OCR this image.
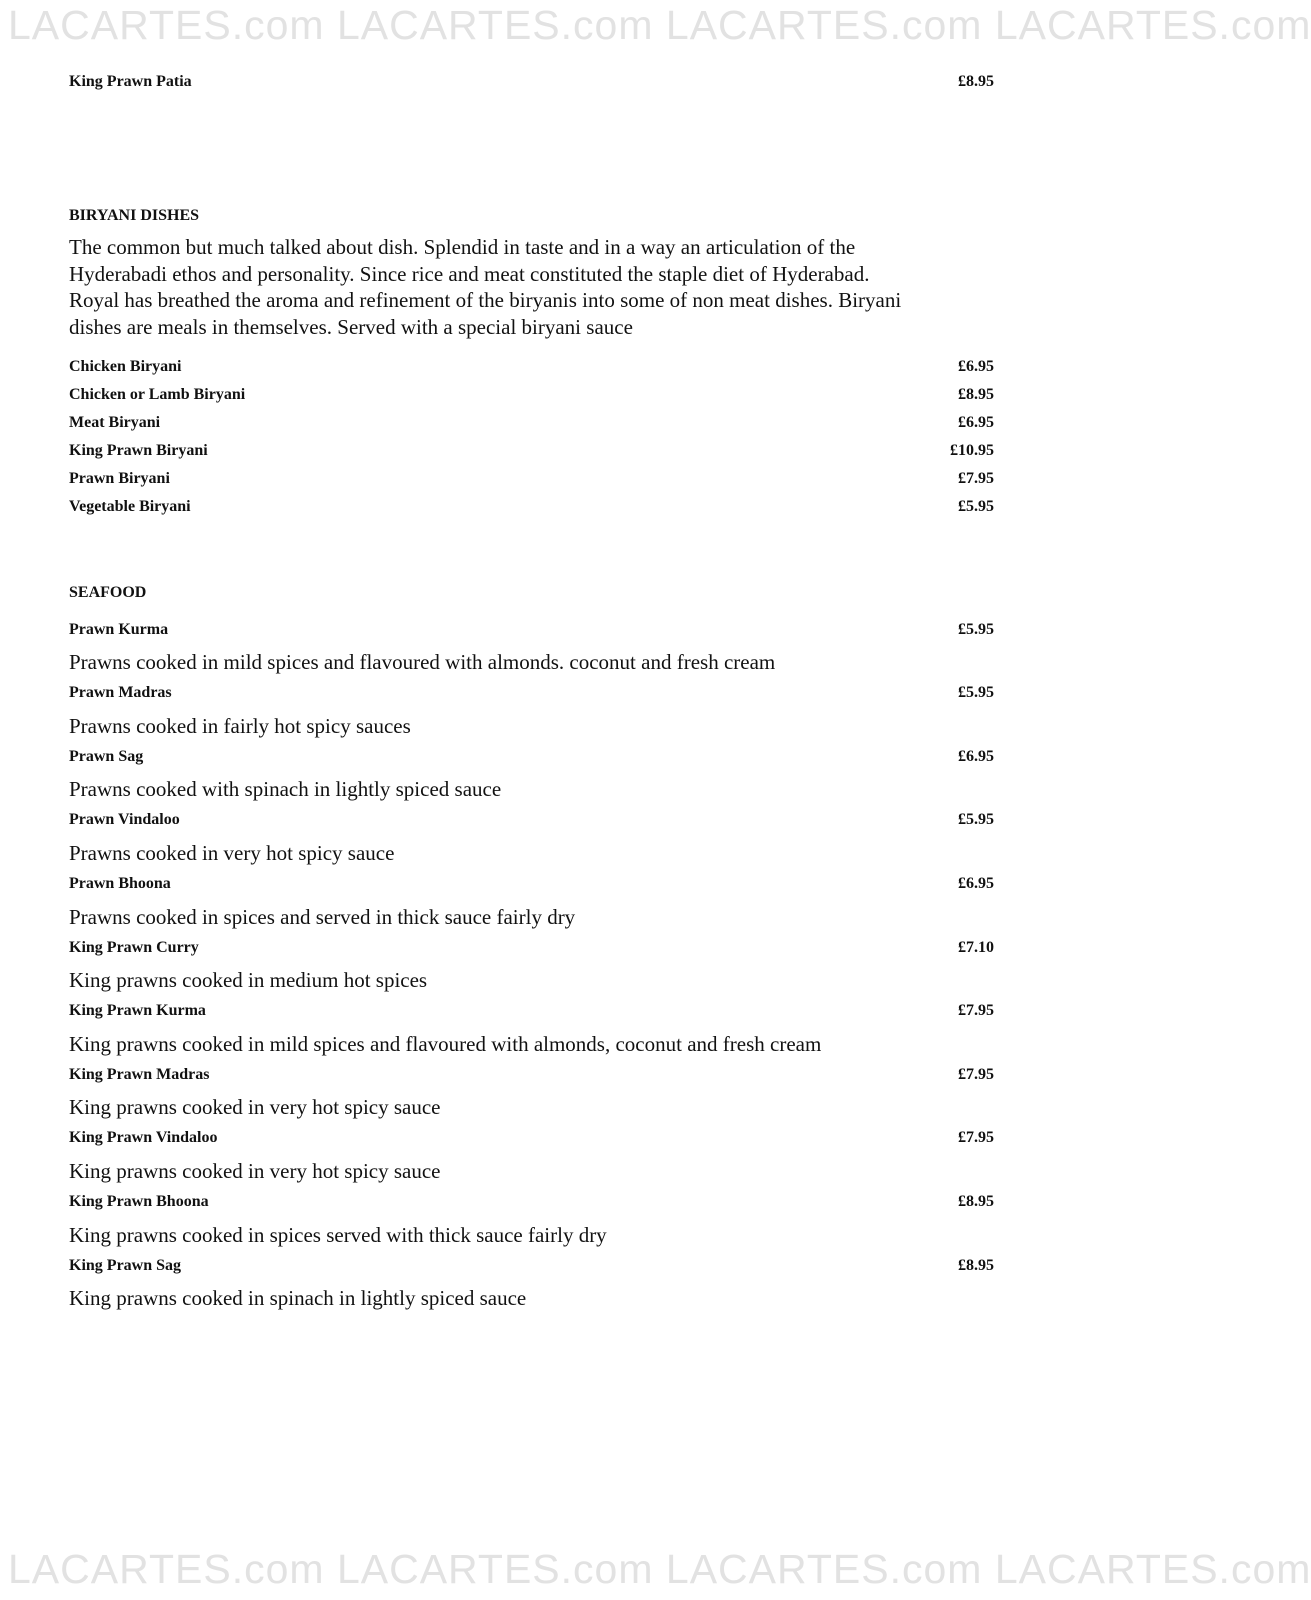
LACARTES.com LACARTES.com LACARTES.com LACARTES.com
King Prawn Patia	£8.95
BIRYANI DISHES

The common but much talked about dish. Splendid in taste and in a way an articulation of the Hyderabadi ethos and personality. Since rice and meat constituted the staple diet of Hyderabad. Royal has breathed the aroma and refinement of the biryanis into some of non meat dishes. Biryani dishes are meals in themselves. Served with a special biryani sauce

Chicken Biryani	£6.95
Chicken or Lamb Biryani	£8.95
Meat Biryani	£6.95
King Prawn Biryani	£10.95
Prawn Biryani	£7.95
Vegetable Biryani	£5.95
SEAFOOD
Prawn Kurma	£5.95
Prawns cooked in mild spices and flavoured with almonds. coconut and fresh cream
Prawn Madras	£5.95
Prawns cooked in fairly hot spicy sauces
Prawn Sag	£6.95
Prawns cooked with spinach in lightly spiced sauce
Prawn Vindaloo	£5.95
Prawns cooked in very hot spicy sauce
Prawn Bhoona	£6.95
Prawns cooked in spices and served in thick sauce fairly dry
King Prawn Curry	£7.10
King prawns cooked in medium hot spices
King Prawn Kurma	£7.95
King prawns cooked in mild spices and flavoured with almonds, coconut and fresh cream
King Prawn Madras	£7.95
King prawns cooked in very hot spicy sauce
King Prawn Vindaloo	£7.95
King prawns cooked in very hot spicy sauce
King Prawn Bhoona	£8.95
King prawns cooked in spices served with thick sauce fairly dry
King Prawn Sag	£8.95
King prawns cooked in spinach in lightly spiced sauce
LACARTES.com LACARTES.com LACARTES.com LACARTES.com
